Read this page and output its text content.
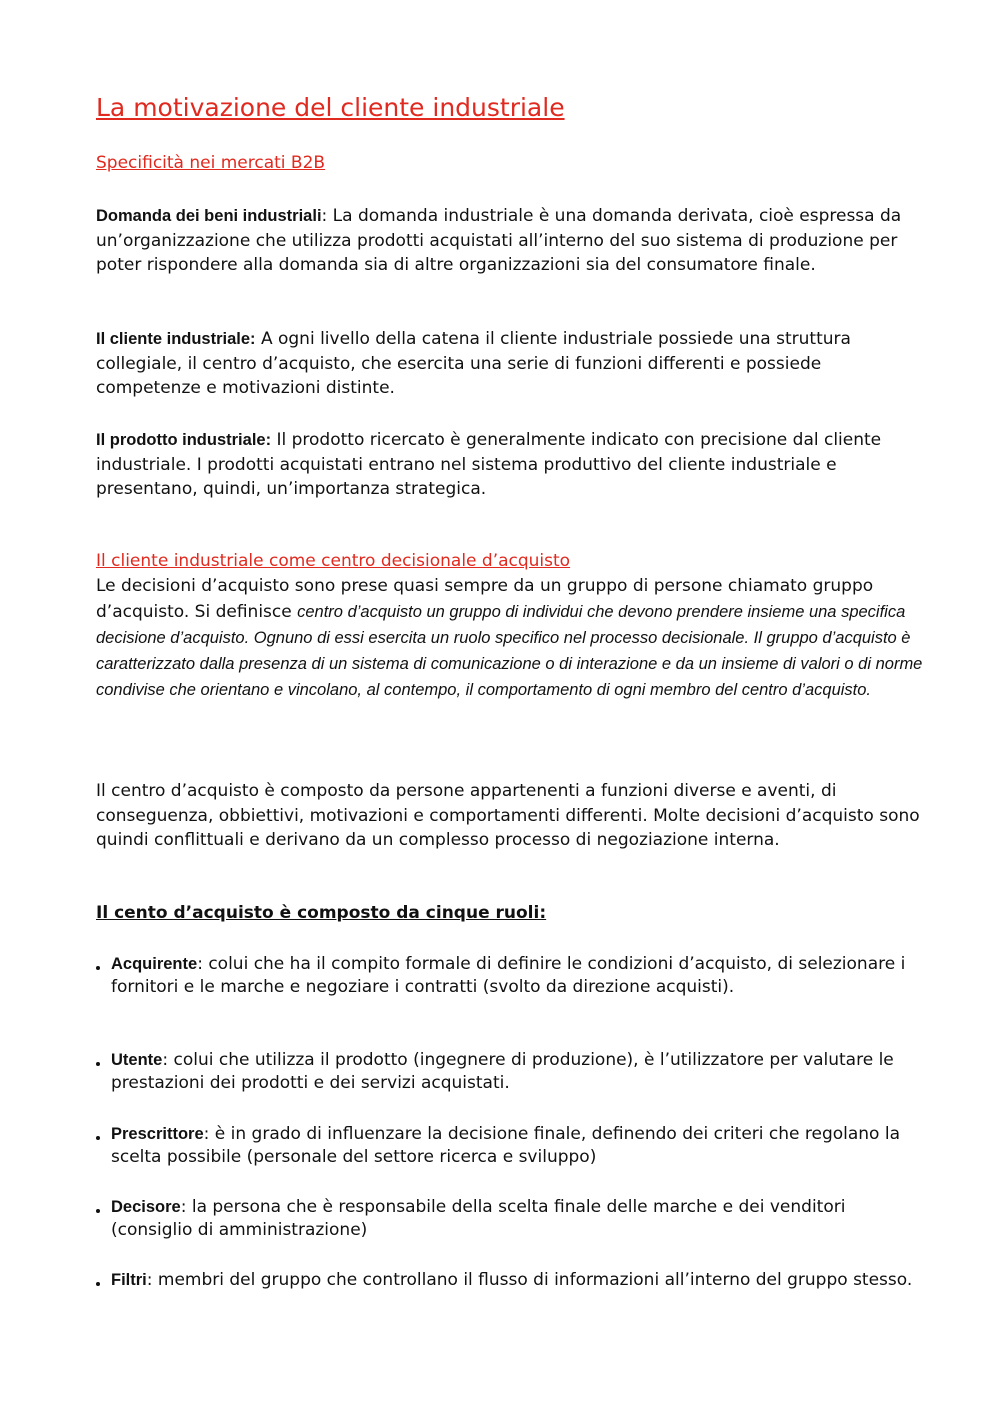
La motivazione del cliente industriale
Specificità nei mercati B2B

Domanda dei beni industriali: La domanda industriale è una domanda derivata, cioè espressa da un’organizzazione che utilizza prodotti acquistati all’interno del suo sistema di produzione per poter rispondere alla domanda sia di altre organizzazioni sia del consumatore finale.

Il cliente industriale: A ogni livello della catena il cliente industriale possiede una struttura collegiale, il centro d’acquisto, che esercita una serie di funzioni differenti e possiede competenze e motivazioni distinte.

Il prodotto industriale: Il prodotto ricercato è generalmente indicato con precisione dal cliente industriale. I prodotti acquistati entrano nel sistema produttivo del cliente industriale e presentano, quindi, un’importanza strategica.

Il cliente industriale come centro decisionale d’acquisto

Le decisioni d’acquisto sono prese quasi sempre da un gruppo di persone chiamato gruppo d’acquisto. Si definisce centro d’acquisto un gruppo di individui che devono prendere insieme una specifica decisione d’acquisto. Ognuno di essi esercita un ruolo specifico nel processo decisionale. Il gruppo d’acquisto è caratterizzato dalla presenza di un sistema di comunicazione o di interazione e da un insieme di valori o di norme condivise che orientano e vincolano, al contempo, il comportamento di ogni membro del centro d’acquisto.

Il centro d’acquisto è composto da persone appartenenti a funzioni diverse e aventi, di conseguenza, obbiettivi, motivazioni e comportamenti differenti. Molte decisioni d’acquisto sono quindi conflittuali e derivano da un complesso processo di negoziazione interna.

Il cento d’acquisto è composto da cinque ruoli:
Acquirente: colui che ha il compito formale di definire le condizioni d’acquisto, di selezionare i fornitori e le marche e negoziare i contratti (svolto da direzione acquisti).
Utente: colui che utilizza il prodotto (ingegnere di produzione), è l’utilizzatore per valutare le prestazioni dei prodotti e dei servizi acquistati.
Prescrittore: è in grado di influenzare la decisione finale, definendo dei criteri che regolano la scelta possibile (personale del settore ricerca e sviluppo)
Decisore: la persona che è responsabile della scelta finale delle marche e dei venditori (consiglio di amministrazione)
Filtri: membri del gruppo che controllano il flusso di informazioni all’interno del gruppo stesso.
